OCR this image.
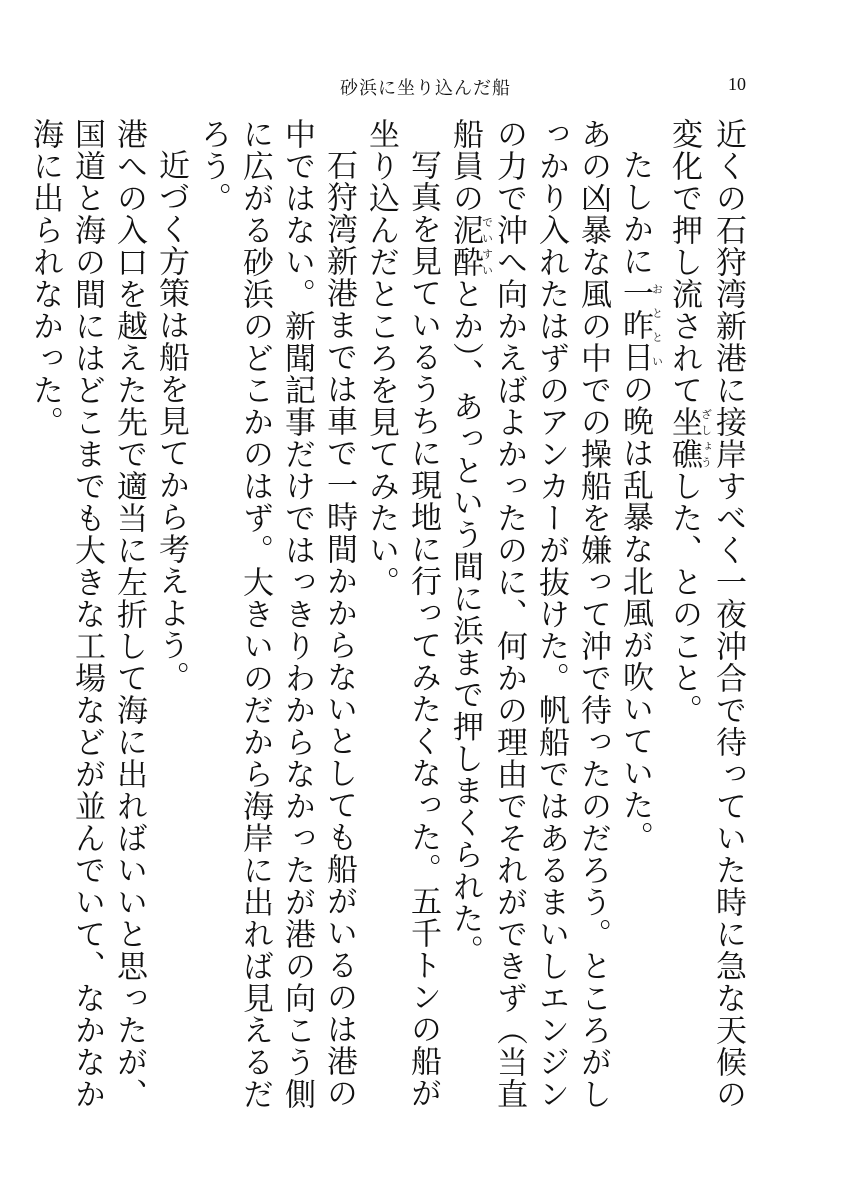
砂浜に坐り込んだ船	10

近くの石狩湾新港に接岸すべく一夜沖合で待っていた時に急な天候の変化で押し流されて坐礁ざしょうした、とのこと。

たしかに一昨日おとといの晩は乱暴な北風が吹いていた。

あの凶暴な風の中での操船を嫌って沖で待ったのだろう。ところがしっかり入れたはずのアンカーが抜けた。帆船ではあるまいしエンジンの力で沖へ向かえばよかったのに、何かの理由でそれができず（当直船員の泥酔でいすいとか）、あっという間に浜まで押しまくられた。

写真を見ているうちに現地に行ってみたくなった。五千トンの船が坐り込んだところを見てみたい。

石狩湾新港までは車で一時間かからないとしても船がいるのは港の中ではない。新聞記事だけではっきりわからなかったが港の向こう側に広がる砂浜のどこかのはず。大きいのだから海岸に出れば見えるだろう。

近づく方策は船を見てから考えよう。

港への入口を越えた先で適当に左折して海に出ればいいと思ったが、国道と海の間にはどこまでも大きな工場などが並んでいて、なかなか海に出られなかった。
